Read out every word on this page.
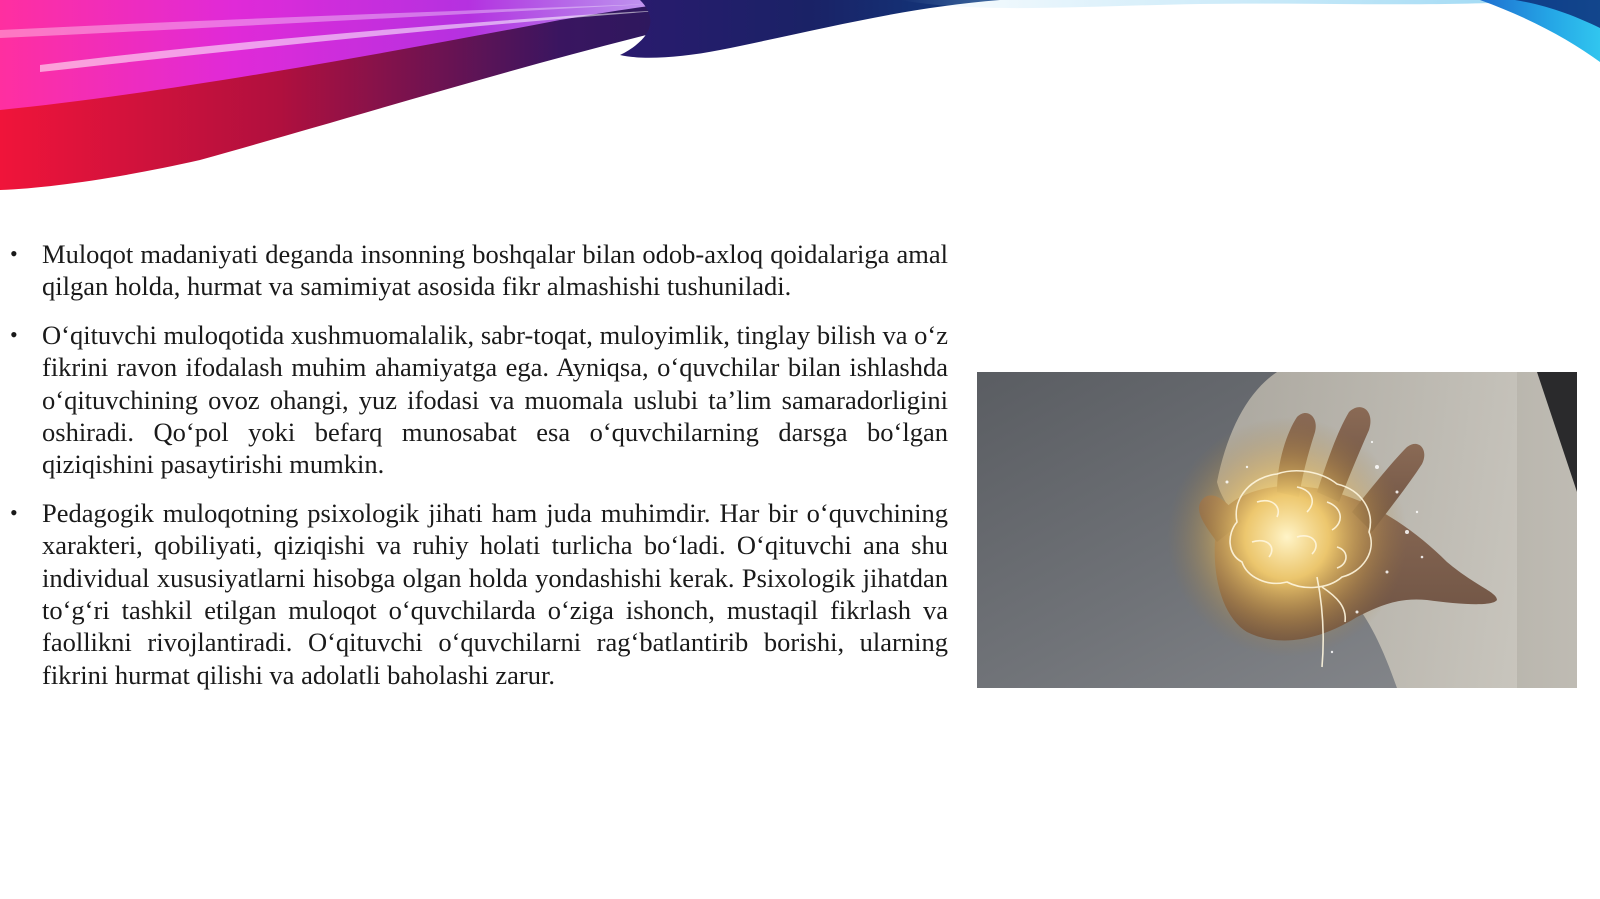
• Muloqot madaniyati deganda insonning boshqalar bilan odob-axloq qoidalariga amal qilgan holda, hurmat va samimiyat asosida fikr almashishi tushuniladi.
• O‘qituvchi muloqotida xushmuomalalik, sabr-toqat, muloyimlik, tinglay bilish va o‘z fikrini ravon ifodalash muhim ahamiyatga ega. Ayniqsa, o‘quvchilar bilan ishlashda o‘qituvchining ovoz ohangi, yuz ifodasi va muomala uslubi ta’lim samaradorligini oshiradi. Qo‘pol yoki befarq munosabat esa o‘quvchilarning darsga bo‘lgan qiziqishini pasaytirishi mumkin.
• Pedagogik muloqotning psixologik jihati ham juda muhimdir. Har bir o‘quvchining xarakteri, qobiliyati, qiziqishi va ruhiy holati turlicha bo‘ladi. O‘qituvchi ana shu individual xususiyatlarni hisobga olgan holda yondashishi kerak. Psixologik jihatdan to‘g‘ri tashkil etilgan muloqot o‘quvchilarda o‘ziga ishonch, mustaqil fikrlash va faollikni rivojlantiradi. O‘qituvchi o‘quvchilarni rag‘batlantirib borishi, ularning fikrini hurmat qilishi va adolatli baholashi zarur.
